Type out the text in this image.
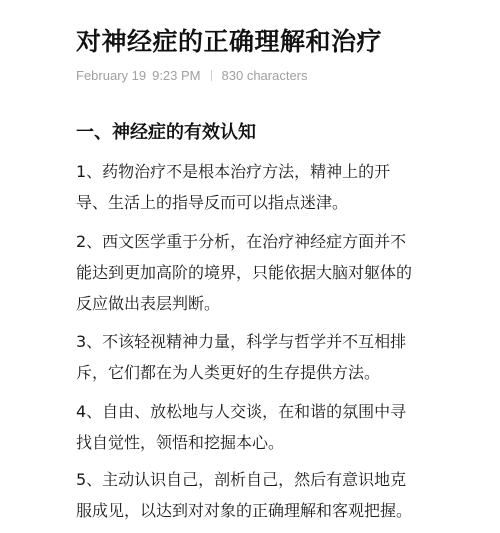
对神经症的正确理解和治疗
February 19 9:23 PM 830 characters
一、神经症的有效认知
1、药物治疗不是根本治疗方法，精神上的开
导、生活上的指导反而可以指点迷津。
2、西文医学重于分析，在治疗神经症方面并不
能达到更加高阶的境界，只能依据大脑对躯体的
反应做出表层判断。
3、不该轻视精神力量，科学与哲学并不互相排
斥，它们都在为人类更好的生存提供方法。
4、自由、放松地与人交谈，在和谐的氛围中寻
找自觉性，领悟和挖掘本心。
5、主动认识自己，剖析自己，然后有意识地克
服成见，以达到对对象的正确理解和客观把握。
